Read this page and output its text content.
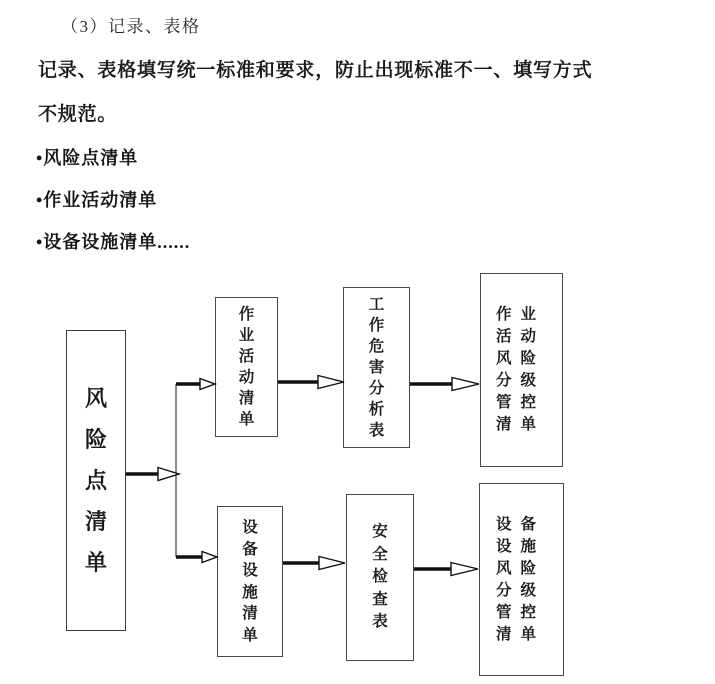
（3）记录、表格
记录、表格填写统一标准和要求，防止出现标准不一、填写方式
不规范。
•风险点清单
•作业活动清单
•设备设施清单......
风险点清单
作业活动清单
工作危害分析表
作业活动风险分级管控清单
设备设施清单
安全检查表
设备设施风险分级管控清单
